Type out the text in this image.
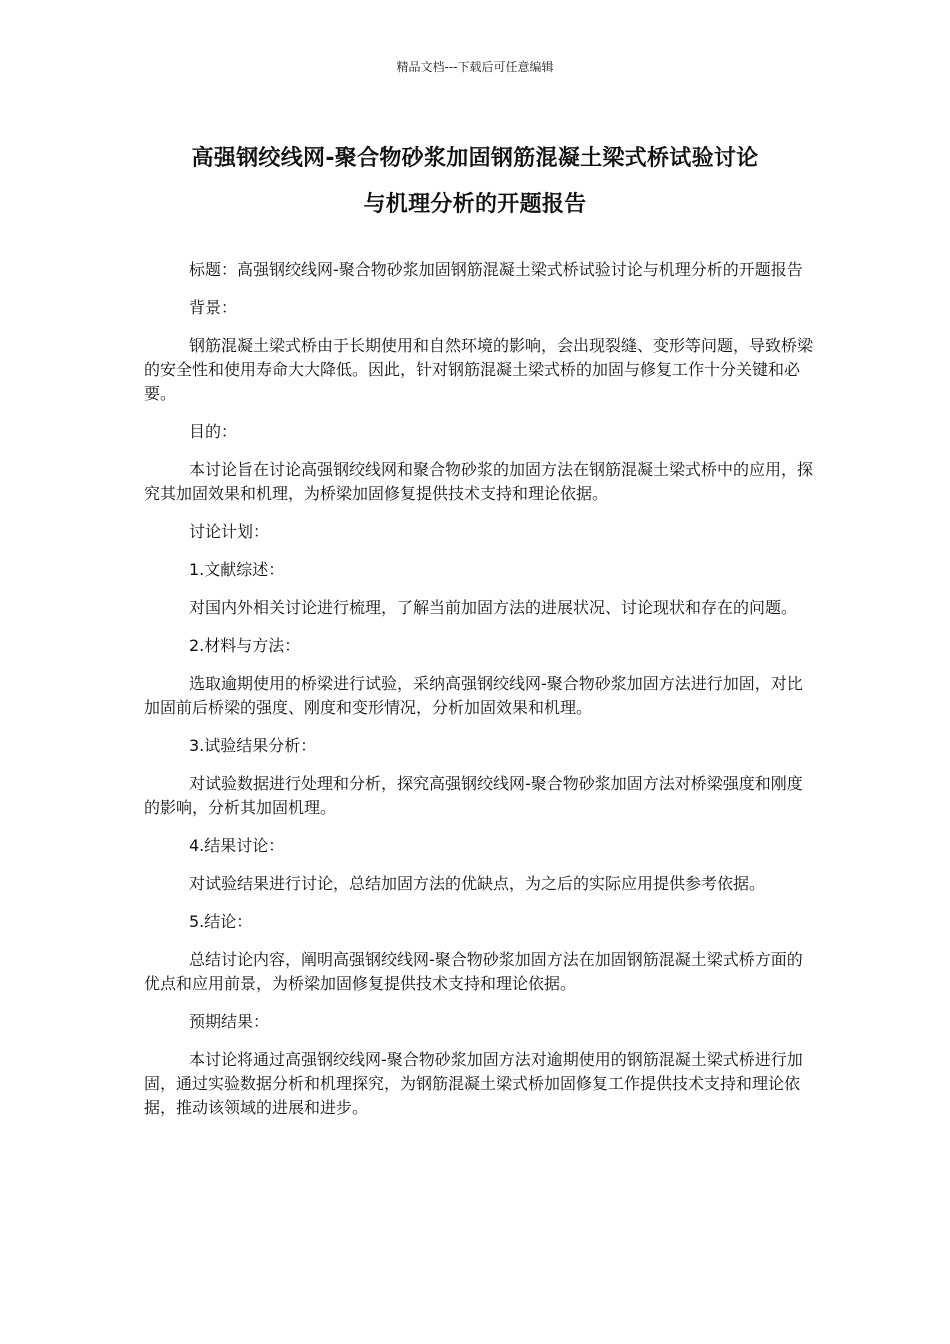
精品文档---下载后可任意编辑
高强钢绞线网-聚合物砂浆加固钢筋混凝土梁式桥试验讨论
与机理分析的开题报告

标题：高强钢绞线网-聚合物砂浆加固钢筋混凝土梁式桥试验讨论与机理分析的开题报告

背景：

钢筋混凝土梁式桥由于长期使用和自然环境的影响，会出现裂缝、变形等问题，导致桥梁的安全性和使用寿命大大降低。因此，针对钢筋混凝土梁式桥的加固与修复工作十分关键和必要。

目的：

本讨论旨在讨论高强钢绞线网和聚合物砂浆的加固方法在钢筋混凝土梁式桥中的应用，探究其加固效果和机理，为桥梁加固修复提供技术支持和理论依据。

讨论计划：

1.文献综述：

对国内外相关讨论进行梳理，了解当前加固方法的进展状况、讨论现状和存在的问题。

2.材料与方法：

选取逾期使用的桥梁进行试验，采纳高强钢绞线网-聚合物砂浆加固方法进行加固，对比加固前后桥梁的强度、刚度和变形情况，分析加固效果和机理。

3.试验结果分析：

对试验数据进行处理和分析，探究高强钢绞线网-聚合物砂浆加固方法对桥梁强度和刚度的影响，分析其加固机理。

4.结果讨论：

对试验结果进行讨论，总结加固方法的优缺点，为之后的实际应用提供参考依据。

5.结论：

总结讨论内容，阐明高强钢绞线网-聚合物砂浆加固方法在加固钢筋混凝土梁式桥方面的优点和应用前景，为桥梁加固修复提供技术支持和理论依据。

预期结果：

本讨论将通过高强钢绞线网-聚合物砂浆加固方法对逾期使用的钢筋混凝土梁式桥进行加固，通过实验数据分析和机理探究，为钢筋混凝土梁式桥加固修复工作提供技术支持和理论依据，推动该领域的进展和进步。
